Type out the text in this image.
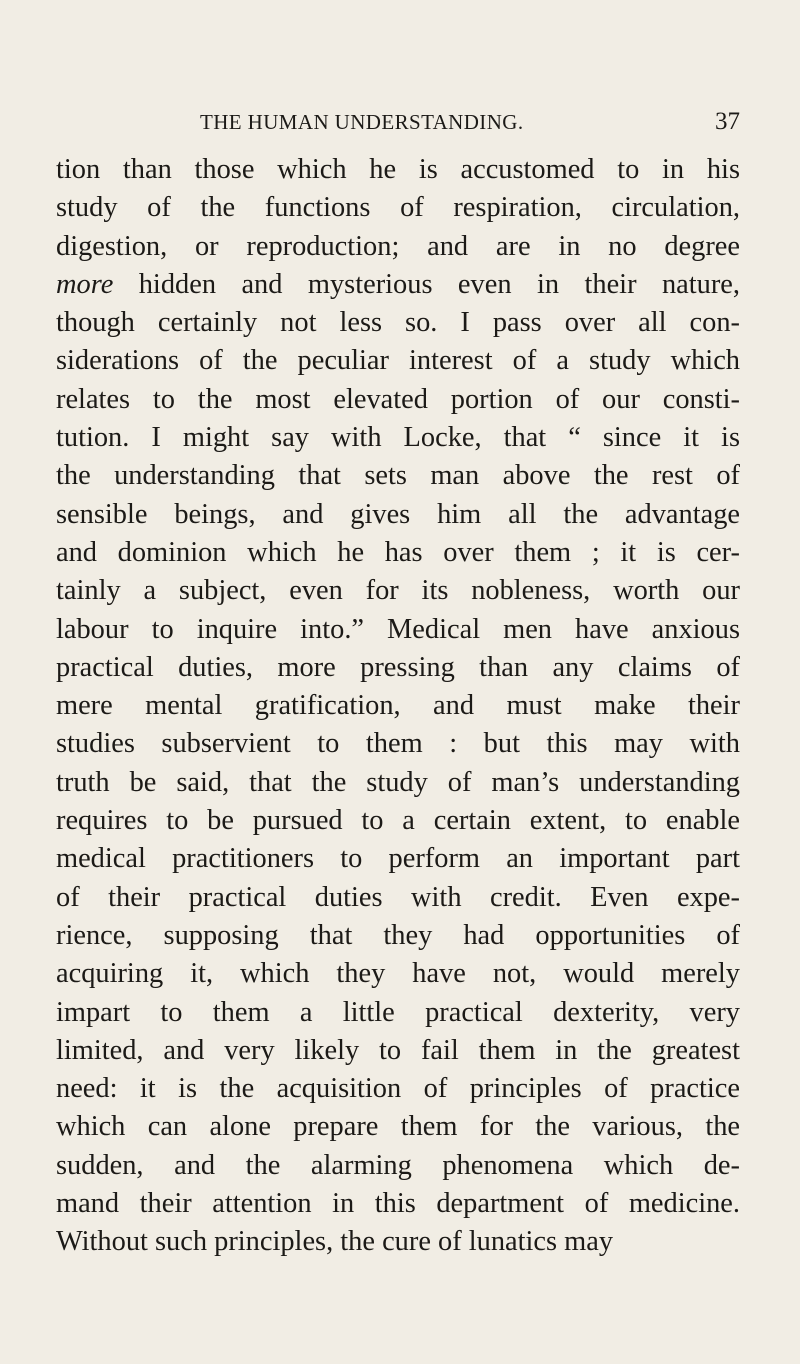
THE HUMAN UNDERSTANDING.	37
tion than those which he is accustomed to in his
study of the functions of respiration, circulation,
digestion, or reproduction; and are in no degree
more hidden and mysterious even in their nature,
though certainly not less so. I pass over all con-
siderations of the peculiar interest of a study which
relates to the most elevated portion of our consti-
tution. I might say with Locke, that “ since it is
the understanding that sets man above the rest of
sensible beings, and gives him all the advantage
and dominion which he has over them ; it is cer-
tainly a subject, even for its nobleness, worth our
labour to inquire into.” Medical men have anxious
practical duties, more pressing than any claims of
mere mental gratification, and must make their
studies subservient to them : but this may with
truth be said, that the study of man’s understanding
requires to be pursued to a certain extent, to enable
medical practitioners to perform an important part
of their practical duties with credit. Even expe-
rience, supposing that they had opportunities of
acquiring it, which they have not, would merely
impart to them a little practical dexterity, very
limited, and very likely to fail them in the greatest
need: it is the acquisition of principles of practice
which can alone prepare them for the various, the
sudden, and the alarming phenomena which de-
mand their attention in this department of medicine.
Without such principles, the cure of lunatics may
